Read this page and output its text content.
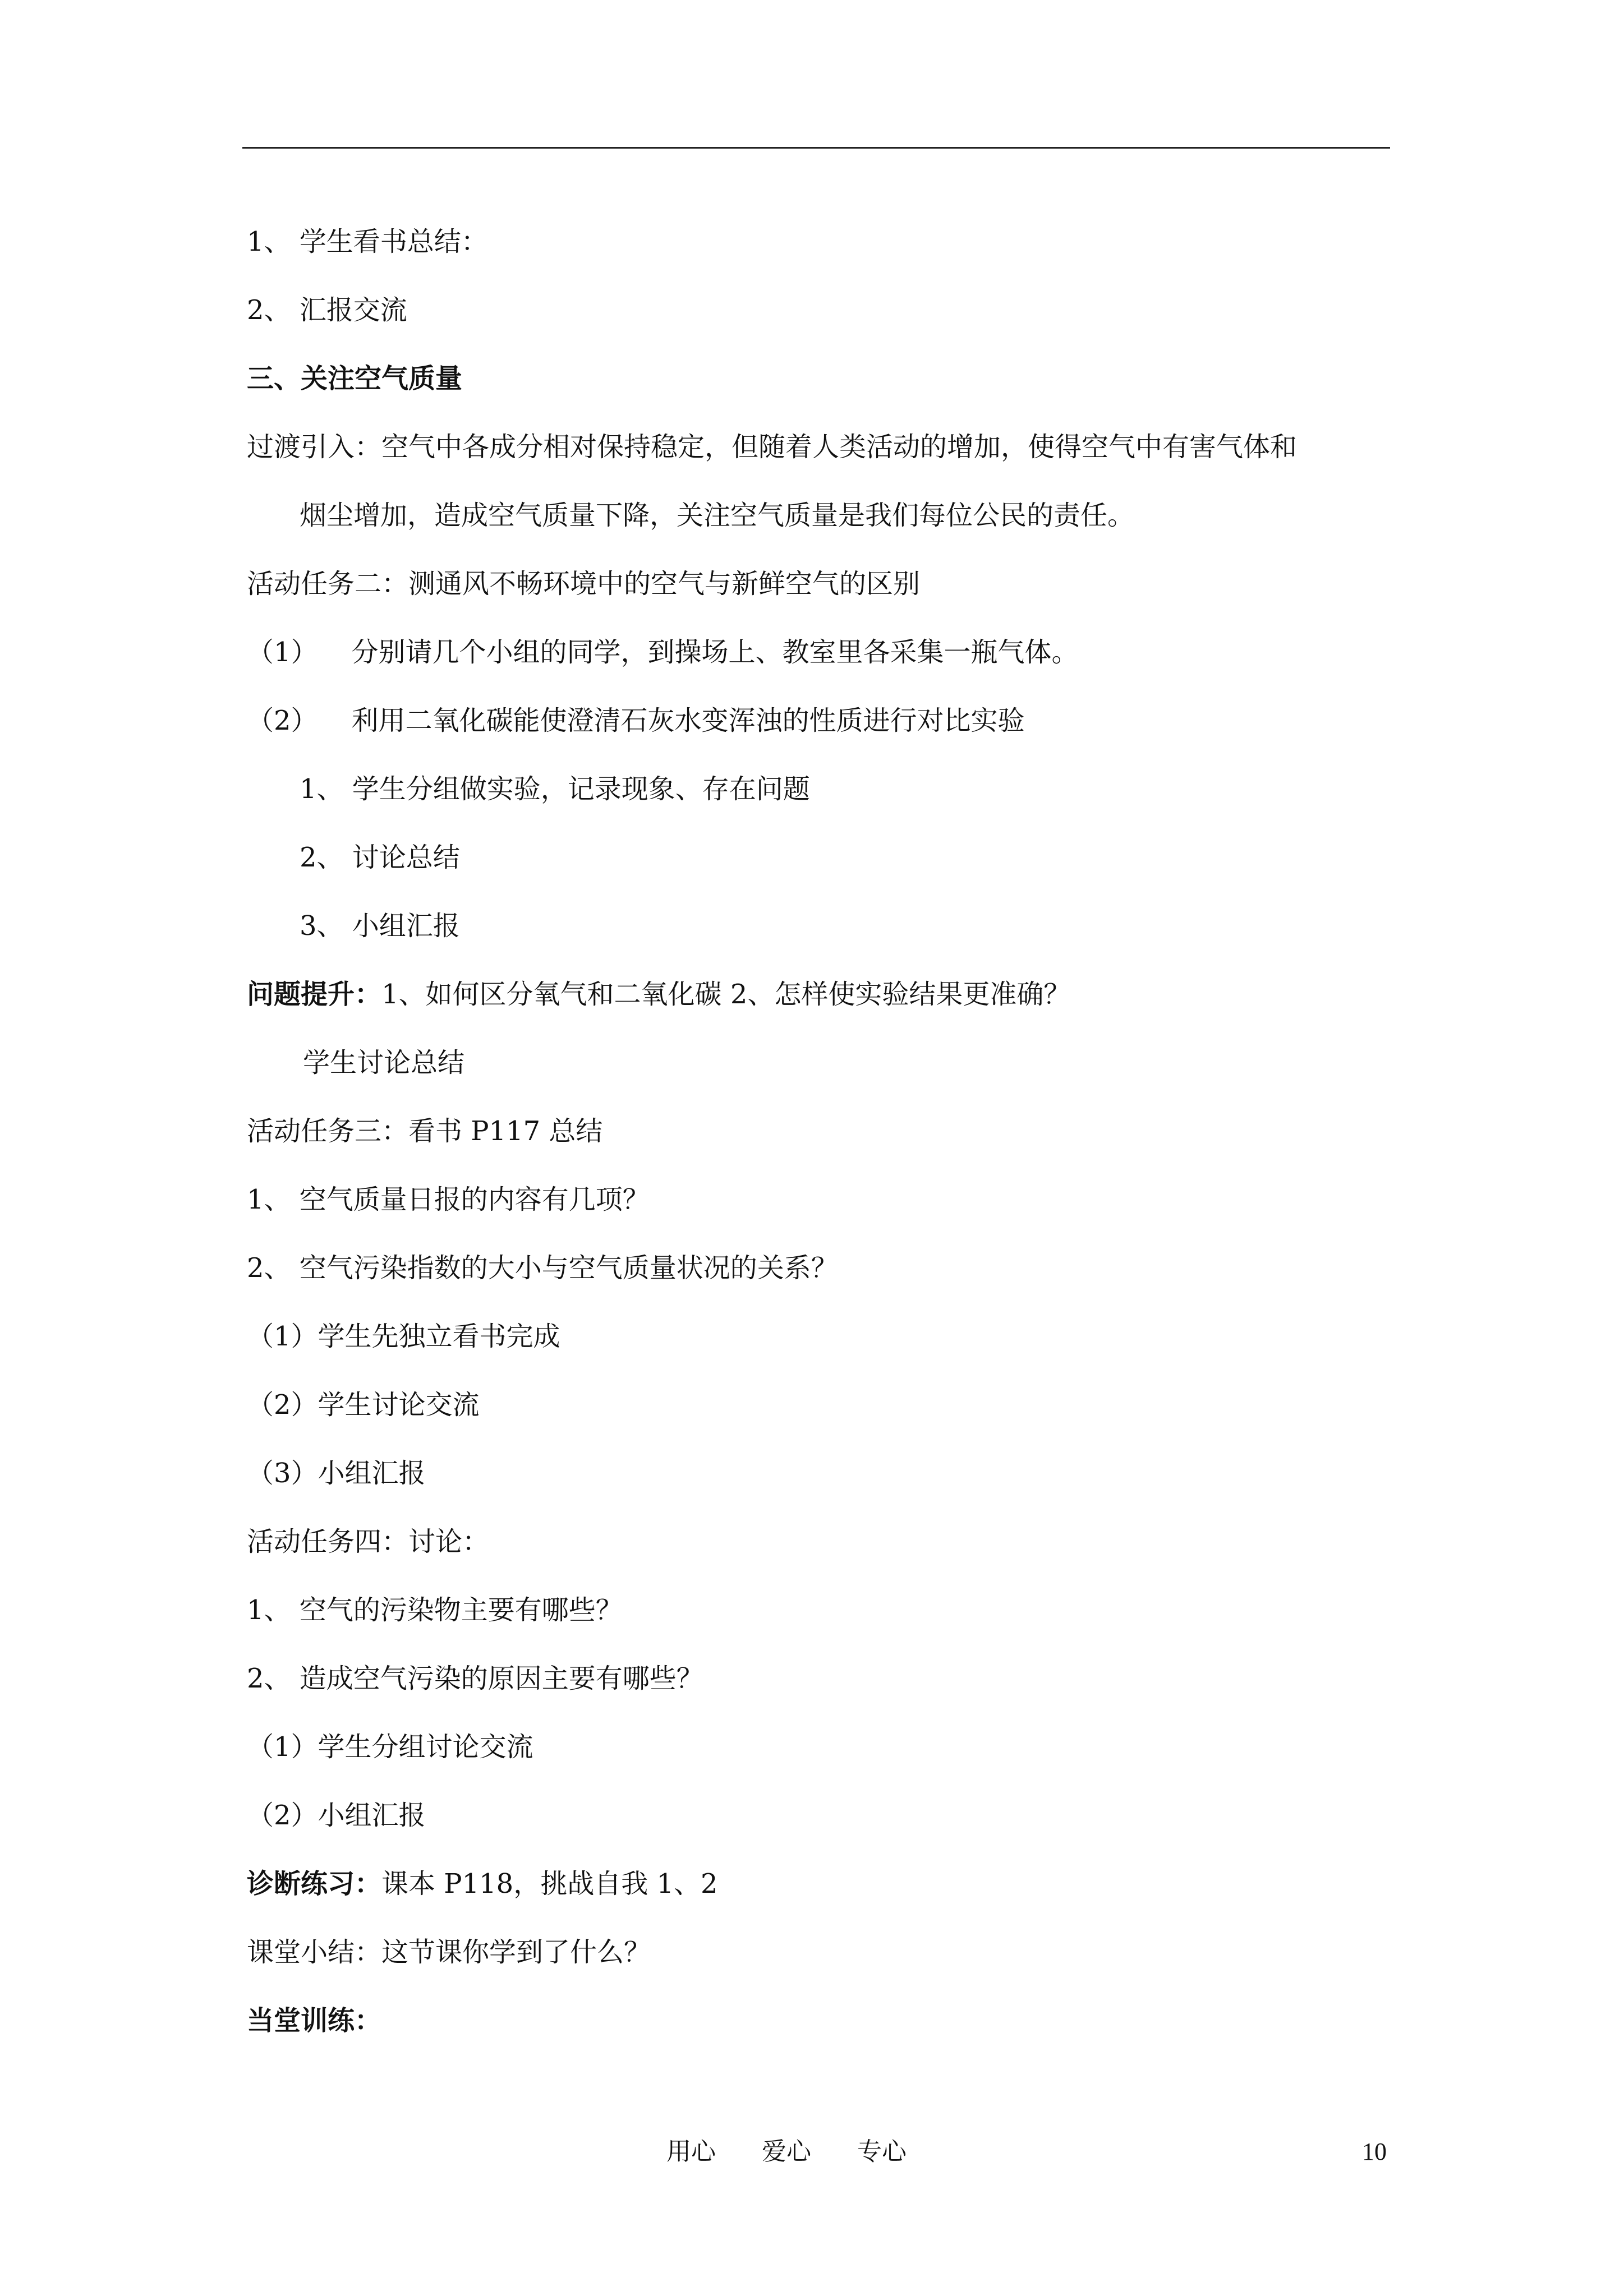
1、 学生看书总结：
2、 汇报交流
三、关注空气质量
过渡引入：空气中各成分相对保持稳定，但随着人类活动的增加，使得空气中有害气体和
烟尘增加，造成空气质量下降，关注空气质量是我们每位公民的责任。
活动任务二：测通风不畅环境中的空气与新鲜空气的区别
（1） 分别请几个小组的同学，到操场上、教室里各采集一瓶气体。
（2） 利用二氧化碳能使澄清石灰水变浑浊的性质进行对比实验
1、 学生分组做实验，记录现象、存在问题
2、 讨论总结
3、 小组汇报
问题提升：1、如何区分氧气和二氧化碳 2、怎样使实验结果更准确？
学生讨论总结
活动任务三：看书 P117 总结
1、 空气质量日报的内容有几项？
2、 空气污染指数的大小与空气质量状况的关系？
（1）学生先独立看书完成
（2）学生讨论交流
（3）小组汇报
活动任务四：讨论：
1、 空气的污染物主要有哪些？
2、 造成空气污染的原因主要有哪些？
（1）学生分组讨论交流
（2）小组汇报
诊断练习：课本 P118，挑战自我 1、2
课堂小结：这节课你学到了什么？
当堂训练：
用心 爱心 专心	10
